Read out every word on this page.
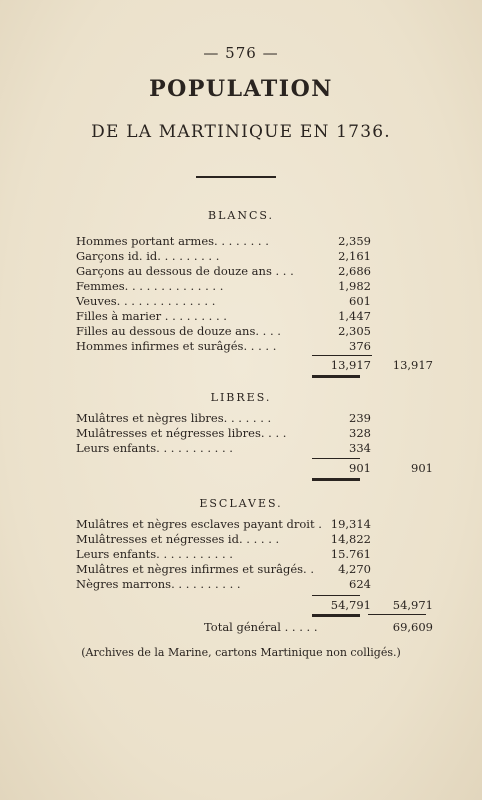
— 576 —
POPULATION
DE LA MARTINIQUE EN 1736.
BLANCS.
Hommes portant armes. . . . . . . .	2,359
Garçons id. id. . . . . . . . .	2,161
Garçons au dessous de douze ans . . .	2,686
Femmes. . . . . . . . . . . . . .	1,982
Veuves. . . . . . . . . . . . . .	601
Filles à marier . . . . . . . . .	1,447
Filles au dessous de douze ans. . . .	2,305
Hommes infirmes et surâgés. . . . .	376
13,917	13,917
LIBRES.
Mulâtres et nègres libres. . . . . . .	239
Mulâtresses et négresses libres. . . .	328
Leurs enfants. . . . . . . . . . .	334
901	901
ESCLAVES.
Mulâtres et nègres esclaves payant droit . 19,314
Mulâtresses et négresses id. . . . . .	14,822
Leurs enfants. . . . . . . . . . .	15.761
Mulâtres et nègres infirmes et surâgés. .	4,270
Nègres marrons. . . . . . . . . .	624
54,791	54,971
Total général . . . . .	69,609
(Archives de la Marine, cartons Martinique non colligés.)
